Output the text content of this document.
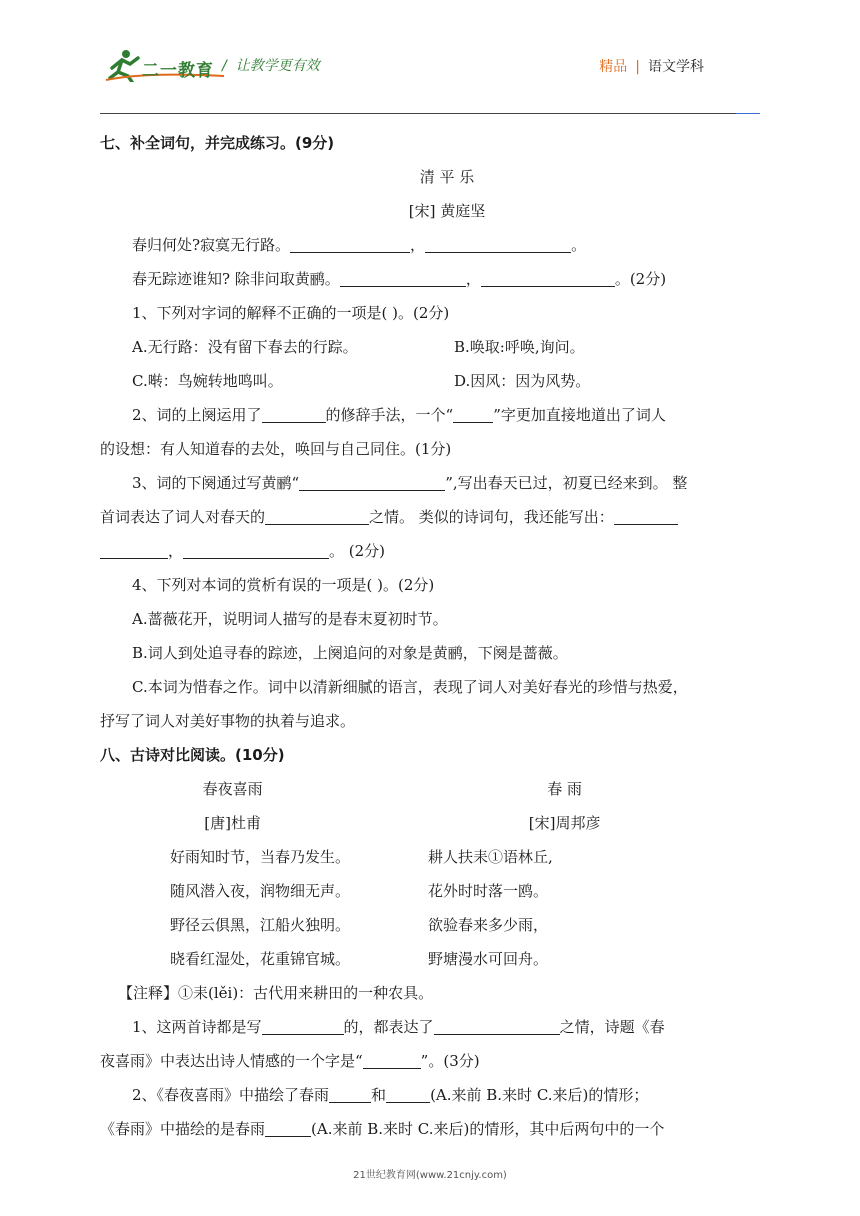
二一教育 /  让教学更有效	精品 | 语文学科
七、补全词句，并完成练习。(9分)
清 平 乐
[宋] 黄庭坚
春归何处?寂寞无行路。	，	。
春无踪迹谁知? 除非问取黄鹂。	，	。(2分)
1、下列对字词的解释不正确的一项是( )。(2分)
A.无行路：没有留下春去的行踪。	B.唤取:呼唤,询问。
C.啭：鸟婉转地鸣叫。	D.因风：因为风势。
2、词的上阕运用了	的修辞手法，一个“	”字更加直接地道出了词人
的设想：有人知道春的去处，唤回与自己同住。(1分)
3、词的下阕通过写黄鹂“	”,写出春天已过，初夏已经来到。 整
首词表达了词人对春天的	之情。 类似的诗词句，我还能写出：
，	。 (2分)
4、下列对本词的赏析有误的一项是( )。(2分)
A.蔷薇花开，说明词人描写的是春末夏初时节。
B.词人到处追寻春的踪迹，上阕追问的对象是黄鹂，下阕是蔷薇。
C.本词为惜春之作。词中以清新细腻的语言，表现了词人对美好春光的珍惜与热爱，
抒写了词人对美好事物的执着与追求。
八、古诗对比阅读。(10分)
春夜喜雨	春 雨
[唐]杜甫	[宋]周邦彦
好雨知时节，当春乃发生。	耕人扶耒①语林丘,
随风潜入夜，润物细无声。	花外时时落一鸥。
野径云俱黑，江船火独明。	欲验春来多少雨，
晓看红湿处，花重锦官城。	野塘漫水可回舟。
【注释】①耒(lěi)：古代用来耕田的一种农具。
1、这两首诗都是写	的，都表达了	之情，诗题《春
夜喜雨》中表达出诗人情感的一个字是“	”。(3分)
2、《春夜喜雨》中描绘了春雨	和	(A.来前 B.来时 C.来后)的情形；
《春雨》中描绘的是春雨	(A.来前 B.来时 C.来后)的情形，其中后两句中的一个
21世纪教育网(www.21cnjy.com)
